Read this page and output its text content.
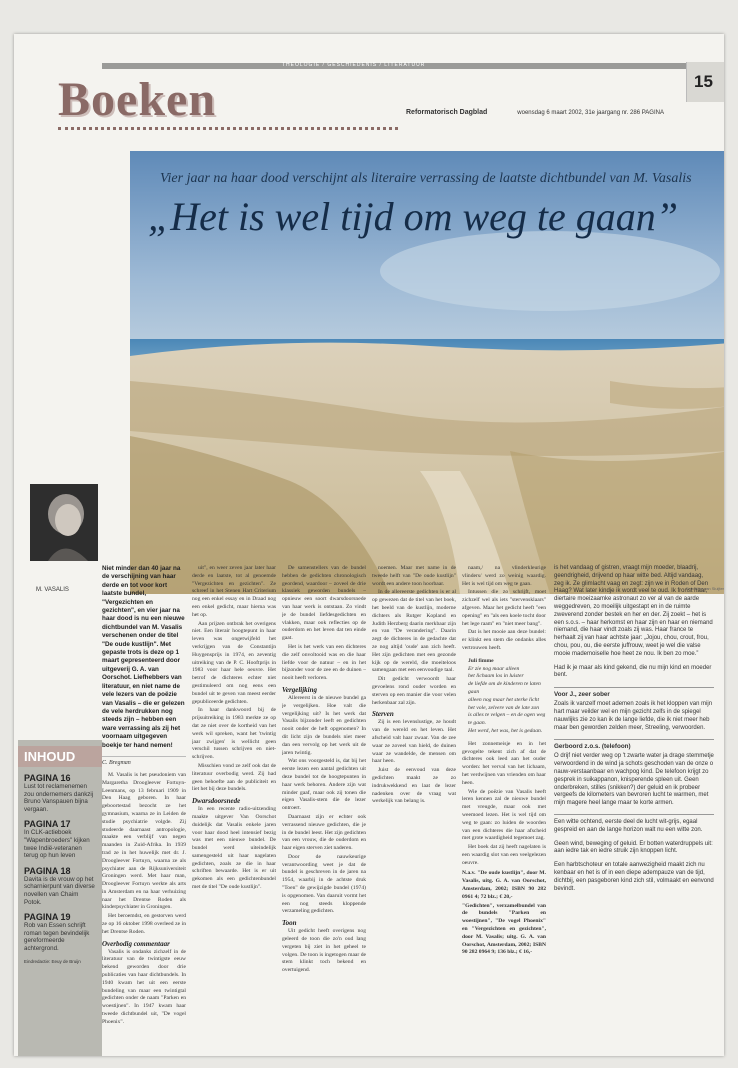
THEOLOGIE / GESCHIEDENIS / LITERATUUR
15
Boeken	Reformatorisch Dagblad	woensdag 6 maart 2002, 31e jaargang nr. 286 PAGINA
Vier jaar na haar dood verschijnt als literaire verrassing de laatste dichtbundel van M. Vasalis
„Het is wel tijd om weg te gaan”
Foto Wim van Sluijter
M. VASALIS
Niet minder dan 40 jaar na de verschijning van haar derde en tot voor kort laatste bundel, "Vergezichten en gezichten", en vier jaar na haar dood is nu een nieuwe dichtbundel van M. Vasalis verschenen onder de titel "De oude kustlijn". Met gepaste trots is deze op 1 maart gepresenteerd door uitgeverij G. A. van Oorschot. Liefhebbers van literatuur, en niet name de vele lezers van de poëzie van Vasalis – die er gelezen de vele herdrukken nog steeds zijn – hebben een ware verrassing als zij het voornaam uitgegeven boekje ter hand nemen!
C. Bregman

M. Vasalis is het pseudoniem van Margaretha Droogleever Fortuyn-Leenmans, op 13 februari 1909 in Den Haag geboren. In haar geboortestad bezocht ze het gymnasium, waarna ze in Leiden de studie psychiatrie volgde. Zij studeerde daarnaast antropologie, maakte een verblijf van negen maanden in Zuid-Afrika. In 1939 trad ze in het huwelijk met dr. J. Droogleever Fortuyn, waarna ze als psychiater aan de Rijksuniversiteit Groningen werd. Met haar man, Droogleever Fortuyn werkte als arts in Amsterdam en na haar verhuizing naar het Drentse Roden als kinderpsychiater in Groningen.

Het beroemdst, en gestorven werd ze op 16 oktober 1998 overleed ze in het Drentse Roden.

Overbodig commentaar

Vasalis is ondanks zichzelf in de literatuur van de twintigste eeuw bekend geworden door drie publicaties van haar dichtbundels. In 1940 kwam het uit een eerste bundeling van maar een twintigtal gedichten onder de naam "Parken en woestijnen". In 1947 kwam haar tweede dichtbundel uit, "De vogel Phoenix".

uit", en weer zeven jaar later haar derde en laatste, tot al genoemde "Vergezichten en gezichten". Ze schreef in het Stenen Hart Criterium nog een enkel essay en in Draad nog een enkel gedicht, maar hierna was het op.

Aan prijzen ontbrak het overigens niet. Een literair hoogtepunt in haar leven was ongetwijfeld het verkrijgen van de Constantijn Huygensprijs in 1974, en zeventig uitreiking van de P. C. Hooftprijs in 1983 voor haar hele oeuvre. Het betrof de dichteres echter niet gestimuleerd om nog eens een bundel uit te geven van meest eerder gepubliceerde gedichten.

In haar dankwoord bij de prijsuitreiking in 1983 merkte ze op dat ze niet over de kortheid van het werk wil spreken, want het 'twintig jaar zwijgen' is wellicht geen verschil tussen schrijven en niet-schrijven.

Misschien vond ze zelf ook dat de literatuur overbodig werd. Zij had geen behoefte aan de publiciteit en liet het bij deze bundels.

Dwarsdoorsnede

In een recente radio-uitzending maakte uitgever Van Oorschot duidelijk dat Vasalis enkele jaren voor haar dood heel intensief bezig was met een nieuwe bundel. De bundel werd uiteindelijk samengesteld uit haar nagelaten gedichten, zoals ze die in haar schriften bewaarde. Het is er uit gekomen als een gedichtenbundel met de titel "De oude kustlijn".

De samenstellers van de bundel hebben de gedichten chronologisch geordend, waardoor – zoveel de drie klassiek geworden bundels – opnieuw een soort dwarsdoorsnede van haar werk is ontstaan. Zo vindt je de bundel liefdesgedichten en vlakken, maar ook reflecties op de ouderdom en het leven dat ten einde gaat.

Het is het werk van een dichteres die zelf onvoltooid was en die haar liefde voor de natuur – en in het bijzonder voor de zee en de duinen – nooit heeft verloren.

Vergelijking

Allereerst in de nieuwe bundel ga je vergelijken. Hoe valt die vergelijking uit? Is het werk dat Vasalis bijzonder leeft en gedichten nooit onder de heft opgenomen? In dit licht zijn de bundels niet meer dan een vervolg op het werk uit de jaren twintig.

Wat ons voorgesteld is, dat bij het eerste lezen een aantal gedichten uit deze bundel tot de hoogtepunten in haar werk behoren. Andere zijn wat minder gaaf, maar ook zij tonen die eigen Vasalis-stem die de lezer ontroert.

Daarnaast zijn er echter ook verrassend nieuwe gedichten, die je in de bundel leest. Het zijn gedichten van een vrouw, die de ouderdom en haar eigen sterven ziet naderen.

Door de nauwkeurige verantwoording weet je dat de bundel is geschreven in de jaren na 1954, waarbij in de achtste druk "Toen" de gewijzigde bundel (1974) is opgenomen. Van daaruit vormt het een nog steeds kloppende verzameling gedichten.

Toon

Uit gedicht heeft overigens nog geleerd de toon die zo'n oud lang vergeten bij ziet in het geheel te volgen. De toon is ingetogen maar de stem klinkt toch bekend en overtuigend.

noemen. Maar met name in de tweede helft van "De oude kustlijn" wordt een andere toon hoorbaar.

In de allereerste gedichten is er al op gewezen dat de titel van het boek, het beeld van de kustlijn, moderne dichters als Rutger Kopland en Judith Herzberg daarin merkbaar zijn en van "De verandering". Daarin zegt de dichteres in de gedachte dat ze nog altijd 'oude' aan zich heeft. Het zijn gedichten met een gezonde kijk op de wereld, die moeiteloos samengaan met een eenvoudige taal.

Dit gedicht verwoordt haar gevoelens rond ouder worden en sterven op een manier die voor velen herkenbaar zal zijn.

Sterven

Zij is een levenslustige, ze houdt van de wereld en het leven. Het afscheid valt haar zwaar. Van de zee waar ze zoveel van hield, de duinen waar ze wandelde, de mensen om haar heen.

Juist de eenvoud van deze gedichten maakt ze zo indrukwekkend en laat de lezer nadenken over de vraag wat werkelijk van belang is.

naam,/ na vlinderkleurige vlinders/ werd zo weinig waardig. Het is wel tijd om weg te gaan.

Intussen die zo schrijft, moet zichzelf wel als iets "stervensklaars" afgeven. Maar het gedicht heeft "een opening" en "als een koele tocht door het lege raam" en "niet meer bang".

Dat is het mooie aan deze bundel: er klinkt een stem die ondanks alles vertrouwen heeft.

Juli fimme
Er zie nog maar alleen
het lichaam los in luister
de liefde om de kinderen te laten
gaan
alleen nog maar het sterke licht
het vole, zelvere van de late zon
is alles te velgen – en de ogen weg
te gaan.
Het werd, het was, het is gedaan.

Het zonnemeisje en in het gevogelte tekent zich af dat de dichteres ook leed aan het ouder worden: het verval van het lichaam, het verdwijnen van vrienden om haar heen.

Wie de poëzie van Vasalis heeft leren kennen zal de nieuwe bundel met vreugde, maar ook met weemoed lezen. Het is wel tijd om weg te gaan: zo luiden de woorden van een dichteres die haar afscheid met grote waardigheid tegemoet zag.

Het boek dat zij heeft nagelaten is een waardig slot van een veelgelezen oeuvre.

N.a.v. "De oude kustlijn", door M. Vasalis, uitg. G. A. van Oorschot, Amsterdam, 2002; ISBN 90 282 0961 4; 72 blz.; € 20,-

"Gedichten", verzamelbundel van de bundels "Parken en woestijnen", "De vogel Phoenix" en "Vergezichten en gezichten", door M. Vasalis; uitg. G. A. van Oorschot, Amsterdam, 2002; ISBN 90 282 0964 9; 136 blz.; € 16,-

is het vandaag of gistren, vraagt mijn moeder, blaadrij, geendrigheid, drijvend op haar witte bed. Altijd vandaag, zeg ik. Ze glimlacht vaag en zegt: zijn we in Roden of Den Haag? Wat later kindje ik wordt veel te oud. Ik fronst haar, diertaire moeizaamke astronaut zo ver al van de aarde weggedreven, zo moeilijk uitgestapt en in de ruimte zweverend zonder bestek en her en der. Zij zoekt – het is een s.o.s. – haar herkomst en haar zijn en haar en niemand niemand, die haar vindt zoals zij was. Haar france te herhaalt zij van haar achtste jaar: „Jojou, chou, crout, frou, chou, pou, ou, die eerste juffrouw, weet je wel die valse mooie mademoiselle hoe heet ze nou. Ik ben zo moe.”
Had ik je maar als kind gekend, die nu mijn kind en moeder bent.
Voor J., zeer sober
Zoals ik vanzelf moet ademen zoals ik het kloppen van mijn hart maar veilder wel en mijn gezicht zelfs in de spiegel nauwlijks zie zo kan ik de lange liefde, die ik niet meer heb maar ben geworden zelden meer, Streeling, verwoorden.
Gerboord z.o.s. (telefoon)
O drijf niet verder weg op 't zwarte water ja drage stemmetje verwoordend in de wind ja schots geschoden van de onze o nauw-verstaanbaar en wachpog kind. De telefoon krijgt zo gesprek in suikappanon, knisperende spleen uit. Geen onderbreken, stilles (snikken?) der geluid en ik probeer vergeefs de kilometers van bevroren lucht te warmen, met mijn magere heel lange maar te korte armen.
Een witte ochtend, eerste deel de lucht wit-grijs, egaal gespreid en aan de lange horizon walt nu een witte zon.
Geen wind, beweging of geluid. Er botten waterdruppels uit: aan iedre tak en iedre struik zijn knoppen licht.
Een harbtschoteur en totale aanwezigheid maakt zich nu kenbaar en het is of in een diepe adempauze van de tijd, dichtbij, een pasgeboren kind zich stil, volmaakt en eenvond bevindt.
INHOUD
PAGINA 16
Lust tot reclamenemen zou ondernemers dankzij Bruno Vanspauen bijna vergaan.
PAGINA 17
In CLK-actieboek "Wapenbroeders" kijken twee Indië-veteranen terug op hun leven
PAGINA 18
Davita is de vrouw op het scharnierpunt van diverse novellen van Chaim Potok.
PAGINA 19
Rob van Essen schrijft roman tegen bevindelijk gereformeerde achtergrond.
Eindredactie: Eeuy de Bruijn
